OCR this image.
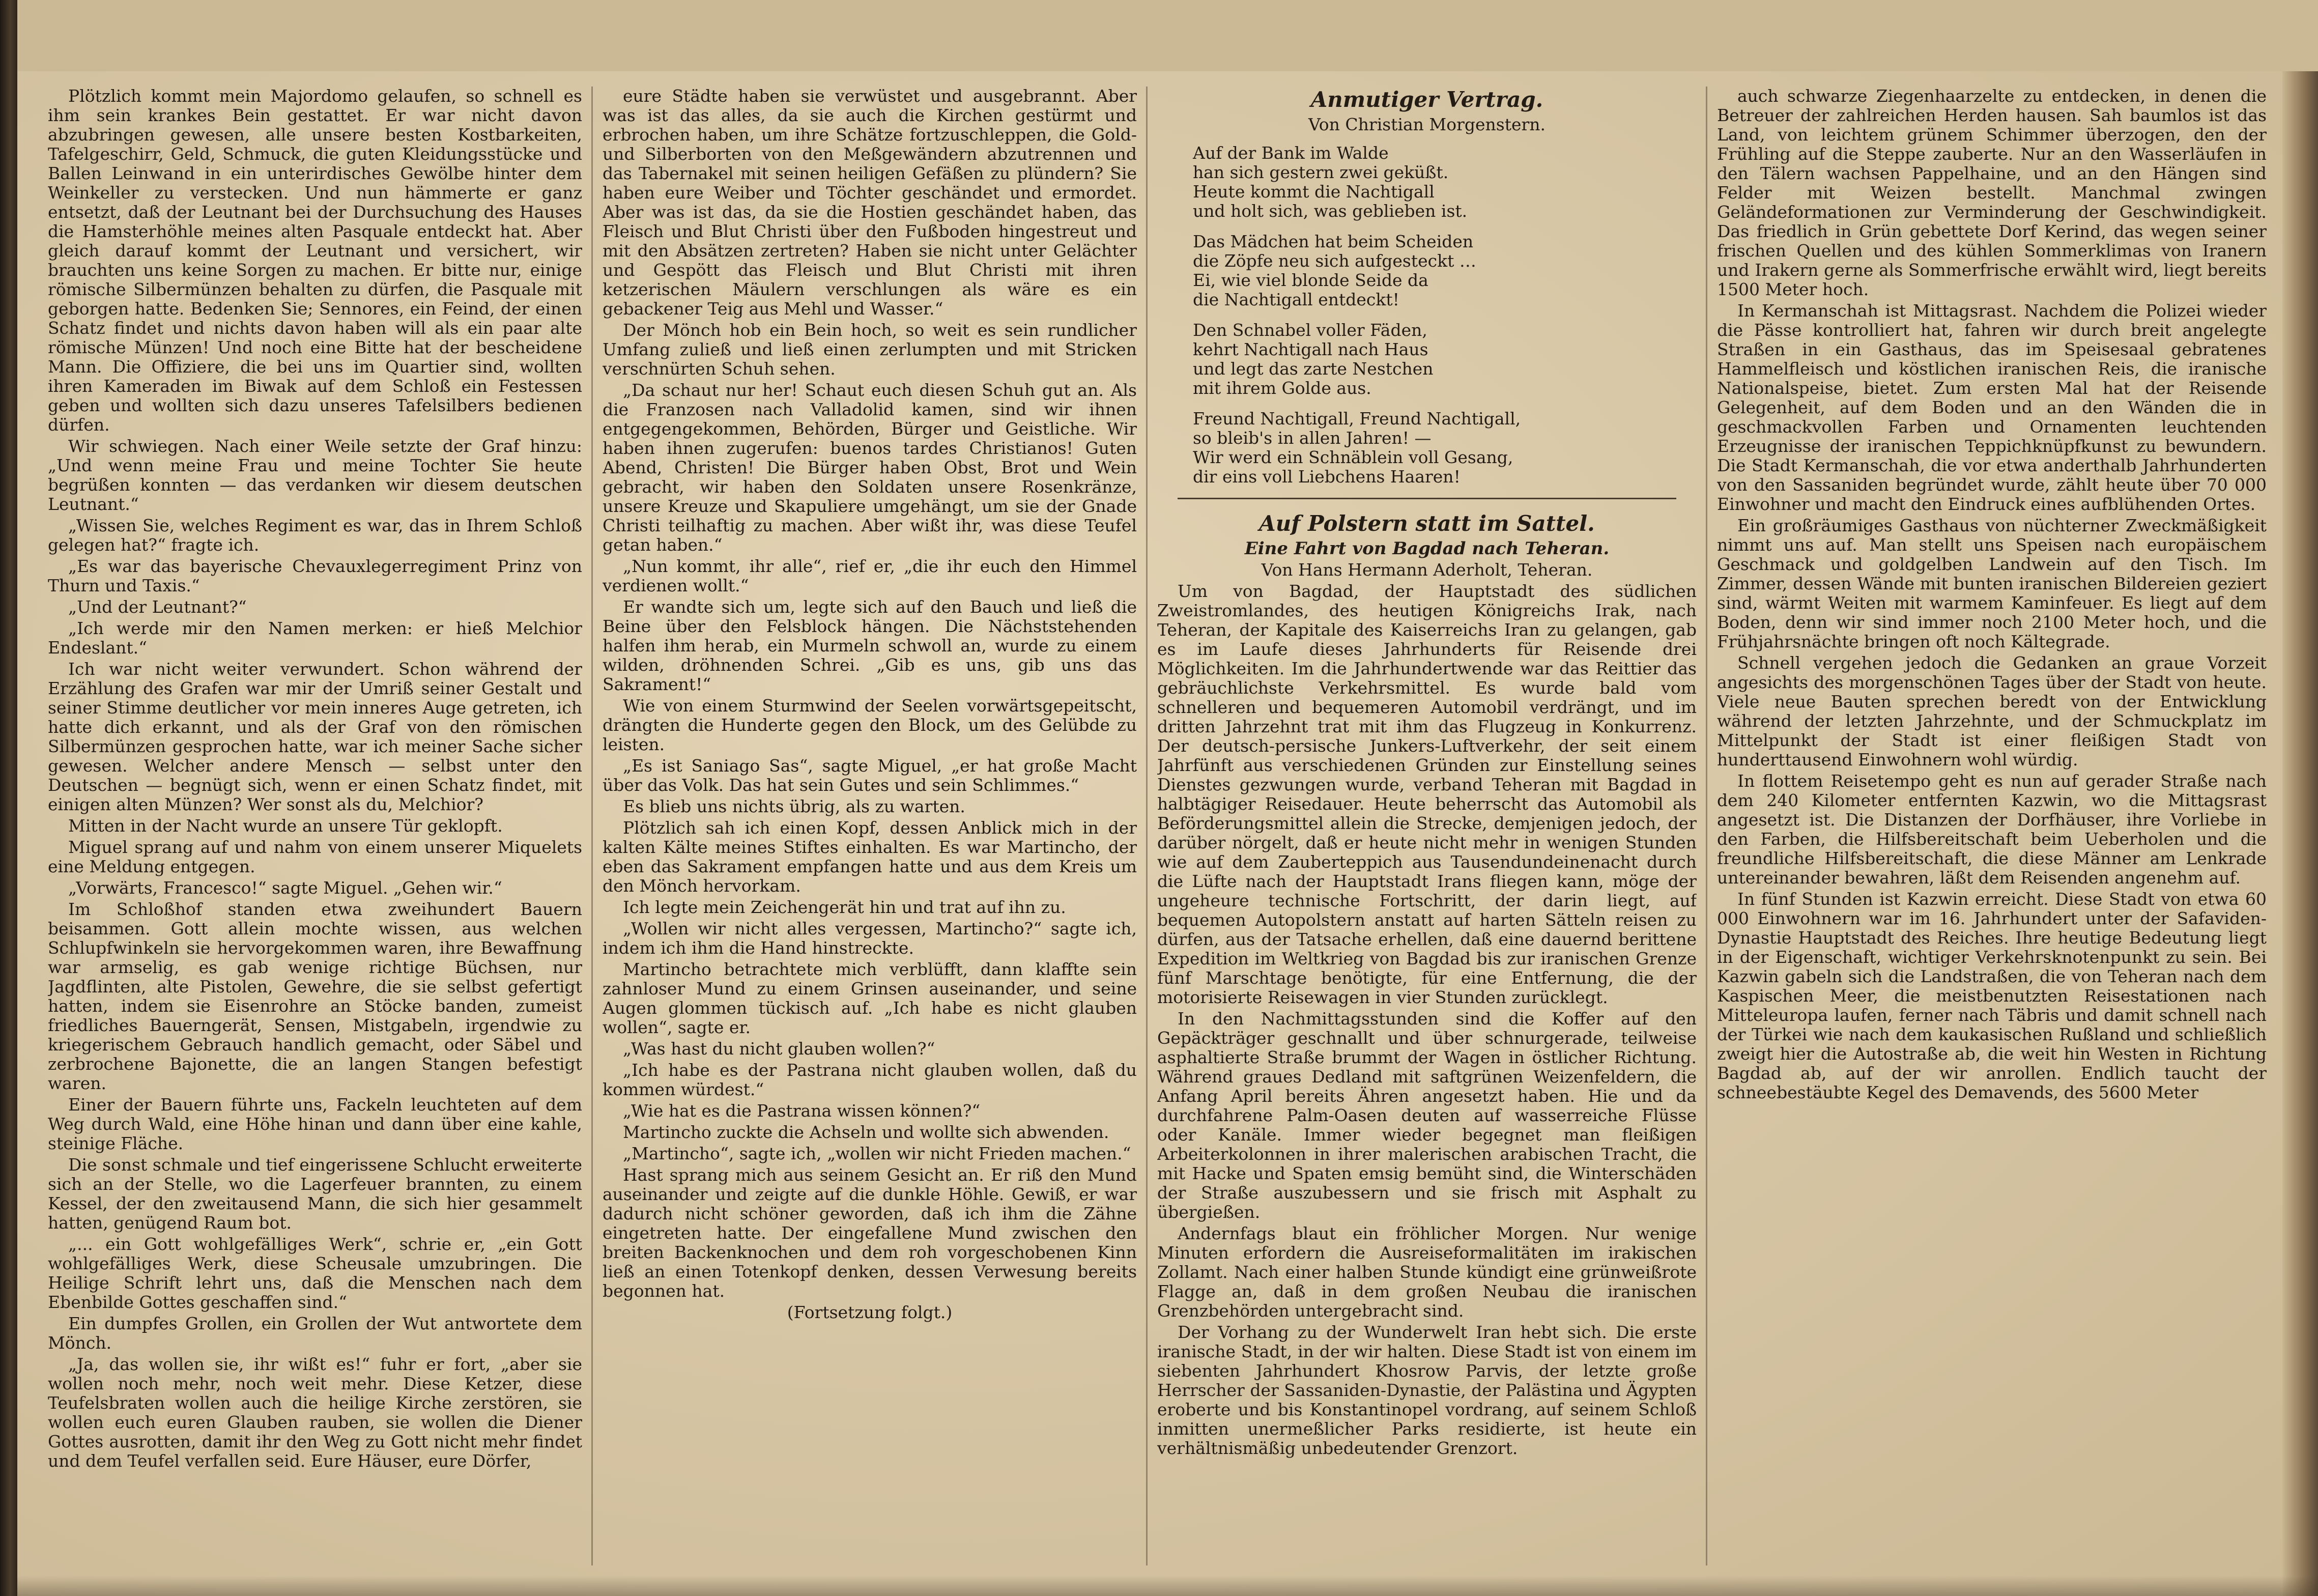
Plötzlich kommt mein Majordomo gelaufen, so schnell es ihm sein krankes Bein gestattet. Er war nicht davon abzubringen gewesen, alle unsere besten Kostbarkeiten, Tafelgeschirr, Geld, Schmuck, die guten Kleidungsstücke und Ballen Leinwand in ein unterirdisches Gewölbe hinter dem Weinkeller zu verstecken. Und nun hämmerte er ganz entsetzt, daß der Leutnant bei der Durchsuchung des Hauses die Hamsterhöhle meines alten Pasquale entdeckt hat. Aber gleich darauf kommt der Leutnant und versichert, wir brauchten uns keine Sorgen zu machen. Er bitte nur, einige römische Silbermünzen behalten zu dürfen, die Pasquale mit geborgen hatte. Bedenken Sie; Sennores, ein Feind, der einen Schatz findet und nichts davon haben will als ein paar alte römische Münzen! Und noch eine Bitte hat der bescheidene Mann. Die Offiziere, die bei uns im Quartier sind, wollten ihren Kameraden im Biwak auf dem Schloß ein Festessen geben und wollten sich dazu unseres Tafelsilbers bedienen dürfen.

Wir schwiegen. Nach einer Weile setzte der Graf hinzu: „Und wenn meine Frau und meine Tochter Sie heute begrüßen konnten — das verdanken wir diesem deutschen Leutnant.“

„Wissen Sie, welches Regiment es war, das in Ihrem Schloß gelegen hat?“ fragte ich.

„Es war das bayerische Chevauxlegerregiment Prinz von Thurn und Taxis.“

„Und der Leutnant?“

„Ich werde mir den Namen merken: er hieß Melchior Endeslant.“

Ich war nicht weiter verwundert. Schon während der Erzählung des Grafen war mir der Umriß seiner Gestalt und seiner Stimme deutlicher vor mein inneres Auge getreten, ich hatte dich erkannt, und als der Graf von den römischen Silbermünzen gesprochen hatte, war ich meiner Sache sicher gewesen. Welcher andere Mensch — selbst unter den Deutschen — begnügt sich, wenn er einen Schatz findet, mit einigen alten Münzen? Wer sonst als du, Melchior?

Mitten in der Nacht wurde an unsere Tür geklopft.

Miguel sprang auf und nahm von einem unserer Miquelets eine Meldung entgegen.

„Vorwärts, Francesco!“ sagte Miguel. „Gehen wir.“

Im Schloßhof standen etwa zweihundert Bauern beisammen. Gott allein mochte wissen, aus welchen Schlupfwinkeln sie hervorgekommen waren, ihre Bewaffnung war armselig, es gab wenige richtige Büchsen, nur Jagdflinten, alte Pistolen, Gewehre, die sie selbst gefertigt hatten, indem sie Eisenrohre an Stöcke banden, zumeist friedliches Bauerngerät, Sensen, Mistgabeln, irgendwie zu kriegerischem Gebrauch handlich gemacht, oder Säbel und zerbrochene Bajonette, die an langen Stangen befestigt waren.

Einer der Bauern führte uns, Fackeln leuchteten auf dem Weg durch Wald, eine Höhe hinan und dann über eine kahle, steinige Fläche.

Die sonst schmale und tief eingerissene Schlucht erweiterte sich an der Stelle, wo die Lagerfeuer brannten, zu einem Kessel, der den zweitausend Mann, die sich hier gesammelt hatten, genügend Raum bot.

„... ein Gott wohlgefälliges Werk“, schrie er, „ein Gott wohlgefälliges Werk, diese Scheusale umzubringen. Die Heilige Schrift lehrt uns, daß die Menschen nach dem Ebenbilde Gottes geschaffen sind.“

Ein dumpfes Grollen, ein Grollen der Wut antwortete dem Mönch.

„Ja, das wollen sie, ihr wißt es!“ fuhr er fort, „aber sie wollen noch mehr, noch weit mehr. Diese Ketzer, diese Teufelsbraten wollen auch die heilige Kirche zerstören, sie wollen euch euren Glauben rauben, sie wollen die Diener Gottes ausrotten, damit ihr den Weg zu Gott nicht mehr findet und dem Teufel verfallen seid. Eure Häuser, eure Dörfer,

eure Städte haben sie verwüstet und ausgebrannt. Aber was ist das alles, da sie auch die Kirchen gestürmt und erbrochen haben, um ihre Schätze fortzuschleppen, die Gold- und Silberborten von den Meßgewändern abzutrennen und das Tabernakel mit seinen heiligen Gefäßen zu plündern? Sie haben eure Weiber und Töchter geschändet und ermordet. Aber was ist das, da sie die Hostien geschändet haben, das Fleisch und Blut Christi über den Fußboden hingestreut und mit den Absätzen zertreten? Haben sie nicht unter Gelächter und Gespött das Fleisch und Blut Christi mit ihren ketzerischen Mäulern verschlungen als wäre es ein gebackener Teig aus Mehl und Wasser.“

Der Mönch hob ein Bein hoch, so weit es sein rundlicher Umfang zuließ und ließ einen zerlumpten und mit Stricken verschnürten Schuh sehen.

„Da schaut nur her! Schaut euch diesen Schuh gut an. Als die Franzosen nach Valladolid kamen, sind wir ihnen entgegengekommen, Behörden, Bürger und Geistliche. Wir haben ihnen zugerufen: buenos tardes Christianos! Guten Abend, Christen! Die Bürger haben Obst, Brot und Wein gebracht, wir haben den Soldaten unsere Rosenkränze, unsere Kreuze und Skapuliere umgehängt, um sie der Gnade Christi teilhaftig zu machen. Aber wißt ihr, was diese Teufel getan haben.“

„Nun kommt, ihr alle“, rief er, „die ihr euch den Himmel verdienen wollt.“

Er wandte sich um, legte sich auf den Bauch und ließ die Beine über den Felsblock hängen. Die Nächststehenden halfen ihm herab, ein Murmeln schwoll an, wurde zu einem wilden, dröhnenden Schrei. „Gib es uns, gib uns das Sakrament!“

Wie von einem Sturmwind der Seelen vorwärtsgepeitscht, drängten die Hunderte gegen den Block, um des Gelübde zu leisten.

„Es ist Saniago Sas“, sagte Miguel, „er hat große Macht über das Volk. Das hat sein Gutes und sein Schlimmes.“

Es blieb uns nichts übrig, als zu warten.

Plötzlich sah ich einen Kopf, dessen Anblick mich in der kalten Kälte meines Stiftes einhalten. Es war Martincho, der eben das Sakrament empfangen hatte und aus dem Kreis um den Mönch hervorkam.

Ich legte mein Zeichengerät hin und trat auf ihn zu.

„Wollen wir nicht alles vergessen, Martincho?“ sagte ich, indem ich ihm die Hand hinstreckte.

Martincho betrachtete mich verblüfft, dann klaffte sein zahnloser Mund zu einem Grinsen auseinander, und seine Augen glommen tückisch auf. „Ich habe es nicht glauben wollen“, sagte er.

„Was hast du nicht glauben wollen?“

„Ich habe es der Pastrana nicht glauben wollen, daß du kommen würdest.“

„Wie hat es die Pastrana wissen können?“

Martincho zuckte die Achseln und wollte sich abwenden.

„Martincho“, sagte ich, „wollen wir nicht Frieden machen.“

Hast sprang mich aus seinem Gesicht an. Er riß den Mund auseinander und zeigte auf die dunkle Höhle. Gewiß, er war dadurch nicht schöner geworden, daß ich ihm die Zähne eingetreten hatte. Der eingefallene Mund zwischen den breiten Backenknochen und dem roh vorgeschobenen Kinn ließ an einen Totenkopf denken, dessen Verwesung bereits begonnen hat.

(Fortsetzung folgt.)

Anmutiger Vertrag.

Von Christian Morgenstern.

Auf der Bank im Walde
han sich gestern zwei geküßt.
Heute kommt die Nachtigall
und holt sich, was geblieben ist.
Das Mädchen hat beim Scheiden
die Zöpfe neu sich aufgesteckt …
Ei, wie viel blonde Seide da
die Nachtigall entdeckt!
Den Schnabel voller Fäden,
kehrt Nachtigall nach Haus
und legt das zarte Nestchen
mit ihrem Golde aus.
Freund Nachtigall, Freund Nachtigall,
so bleib's in allen Jahren! —
Wir werd ein Schnäblein voll Gesang,
dir eins voll Liebchens Haaren!

Auf Polstern statt im Sattel.

Eine Fahrt von Bagdad nach Teheran.

Von Hans Hermann Aderholt, Teheran.

Um von Bagdad, der Hauptstadt des südlichen Zweistromlandes, des heutigen Königreichs Irak, nach Teheran, der Kapitale des Kaiserreichs Iran zu gelangen, gab es im Laufe dieses Jahrhunderts für Reisende drei Möglichkeiten. Im die Jahrhundertwende war das Reittier das gebräuchlichste Verkehrsmittel. Es wurde bald vom schnelleren und bequemeren Automobil verdrängt, und im dritten Jahrzehnt trat mit ihm das Flugzeug in Konkurrenz. Der deutsch-persische Junkers-Luftverkehr, der seit einem Jahrfünft aus verschiedenen Gründen zur Einstellung seines Dienstes gezwungen wurde, verband Teheran mit Bagdad in halbtägiger Reisedauer. Heute beherrscht das Automobil als Beförderungsmittel allein die Strecke, demjenigen jedoch, der darüber nörgelt, daß er heute nicht mehr in wenigen Stunden wie auf dem Zauberteppich aus Tausendundeinenacht durch die Lüfte nach der Hauptstadt Irans fliegen kann, möge der ungeheure technische Fortschritt, der darin liegt, auf bequemen Autopolstern anstatt auf harten Sätteln reisen zu dürfen, aus der Tatsache erhellen, daß eine dauernd berittene Expedition im Weltkrieg von Bagdad bis zur iranischen Grenze fünf Marschtage benötigte, für eine Entfernung, die der motorisierte Reisewagen in vier Stunden zurücklegt.

In den Nachmittagsstunden sind die Koffer auf den Gepäckträger geschnallt und über schnurgerade, teilweise asphaltierte Straße brummt der Wagen in östlicher Richtung. Während graues Dedland mit saftgrünen Weizenfeldern, die Anfang April bereits Ähren angesetzt haben. Hie und da durchfahrene Palm-Oasen deuten auf wasserreiche Flüsse oder Kanäle. Immer wieder begegnet man fleißigen Arbeiterkolonnen in ihrer malerischen arabischen Tracht, die mit Hacke und Spaten emsig bemüht sind, die Winterschäden der Straße auszubessern und sie frisch mit Asphalt zu übergießen.

Andernfags blaut ein fröhlicher Morgen. Nur wenige Minuten erfordern die Ausreiseformalitäten im irakischen Zollamt. Nach einer halben Stunde kündigt eine grünweißrote Flagge an, daß in dem großen Neubau die iranischen Grenzbehörden untergebracht sind.

Der Vorhang zu der Wunderwelt Iran hebt sich. Die erste iranische Stadt, in der wir halten. Diese Stadt ist von einem im siebenten Jahrhundert Khosrow Parvis, der letzte große Herrscher der Sassaniden-Dynastie, der Palästina und Ägypten eroberte und bis Konstantinopel vordrang, auf seinem Schloß inmitten unermeßlicher Parks residierte, ist heute ein verhältnismäßig unbedeutender Grenzort.

auch schwarze Ziegenhaarzelte zu entdecken, in denen die Betreuer der zahlreichen Herden hausen. Sah baumlos ist das Land, von leichtem grünem Schimmer überzogen, den der Frühling auf die Steppe zauberte. Nur an den Wasserläufen in den Tälern wachsen Pappelhaine, und an den Hängen sind Felder mit Weizen bestellt. Manchmal zwingen Geländeformationen zur Verminderung der Geschwindigkeit. Das friedlich in Grün gebettete Dorf Kerind, das wegen seiner frischen Quellen und des kühlen Sommerklimas von Iranern und Irakern gerne als Sommerfrische erwählt wird, liegt bereits 1500 Meter hoch.

In Kermanschah ist Mittagsrast. Nachdem die Polizei wieder die Pässe kontrolliert hat, fahren wir durch breit angelegte Straßen in ein Gasthaus, das im Speisesaal gebratenes Hammelfleisch und köstlichen iranischen Reis, die iranische Nationalspeise, bietet. Zum ersten Mal hat der Reisende Gelegenheit, auf dem Boden und an den Wänden die in geschmackvollen Farben und Ornamenten leuchtenden Erzeugnisse der iranischen Teppichknüpfkunst zu bewundern. Die Stadt Kermanschah, die vor etwa anderthalb Jahrhunderten von den Sassaniden begründet wurde, zählt heute über 70 000 Einwohner und macht den Eindruck eines aufblühenden Ortes.

Ein großräumiges Gasthaus von nüchterner Zweckmäßigkeit nimmt uns auf. Man stellt uns Speisen nach europäischem Geschmack und goldgelben Landwein auf den Tisch. Im Zimmer, dessen Wände mit bunten iranischen Bildereien geziert sind, wärmt Weiten mit warmem Kaminfeuer. Es liegt auf dem Boden, denn wir sind immer noch 2100 Meter hoch, und die Frühjahrsnächte bringen oft noch Kältegrade.

Schnell vergehen jedoch die Gedanken an graue Vorzeit angesichts des morgenschönen Tages über der Stadt von heute. Viele neue Bauten sprechen beredt von der Entwicklung während der letzten Jahrzehnte, und der Schmuckplatz im Mittelpunkt der Stadt ist einer fleißigen Stadt von hunderttausend Einwohnern wohl würdig.

In flottem Reisetempo geht es nun auf gerader Straße nach dem 240 Kilometer entfernten Kazwin, wo die Mittagsrast angesetzt ist. Die Distanzen der Dorfhäuser, ihre Vorliebe in den Farben, die Hilfsbereitschaft beim Ueberholen und die freundliche Hilfsbereitschaft, die diese Männer am Lenkrade untereinander bewahren, läßt dem Reisenden angenehm auf.

In fünf Stunden ist Kazwin erreicht. Diese Stadt von etwa 60 000 Einwohnern war im 16. Jahrhundert unter der Safaviden-Dynastie Hauptstadt des Reiches. Ihre heutige Bedeutung liegt in der Eigenschaft, wichtiger Verkehrsknotenpunkt zu sein. Bei Kazwin gabeln sich die Landstraßen, die von Teheran nach dem Kaspischen Meer, die meistbenutzten Reisestationen nach Mitteleuropa laufen, ferner nach Täbris und damit schnell nach der Türkei wie nach dem kaukasischen Rußland und schließlich zweigt hier die Autostraße ab, die weit hin Westen in Richtung Bagdad ab, auf der wir anrollen. Endlich taucht der schneebestäubte Kegel des Demavends, des 5600 Meter
